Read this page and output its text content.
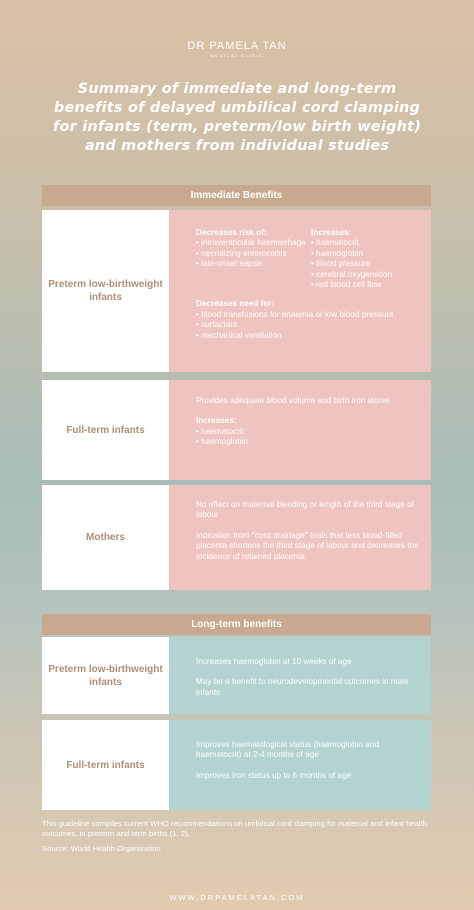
DR PAMELA TAN
MEDICAL CLINIC
Summary of immediate and long-term benefits of delayed umbilical cord clamping for infants (term, preterm/low birth weight) and mothers from individual studies
Immediate Benefits
Preterm low-birthweight infants
Decreases risk of:
• intraventricular haemorrhage
• necrotizing enterocolitis
• late-onset sepsis
Increases:
• haematocrit
• haemoglobin
• blood pressure
• cerebral oxygenation
• red blood cell flow
Decreases need for:
• blood transfusions for anaemia or low blood pressure
• surfactant
• mechanical ventilation
Full-term infants
Provides adequate blood volume and birth iron stores
Increases:
• haematocrit
• haemoglobin
Mothers
No effect on maternal bleeding or length of the third stage of labour
Indication from "cord drainage" trials that less blood-filled placenta shortens the third stage of labour and decreases the incidence of retained placenta
Long-term benefits
Preterm low-birthweight infants
Increases haemoglobin at 10 weeks of age
May be a benefit to neurodevelopmental outcomes in male infants
Full-term infants
Improves haematological status (haemoglobin and haematocrit) at 2-4 months of age
Improves iron status up to 6 months of age
This guideline compiles current WHO recommendations on umbilical cord clamping for maternal and infant health outcomes, in preterm and term births (1, 2).
Source: World Health Organization
WWW.DRPAMELATAN.COM
